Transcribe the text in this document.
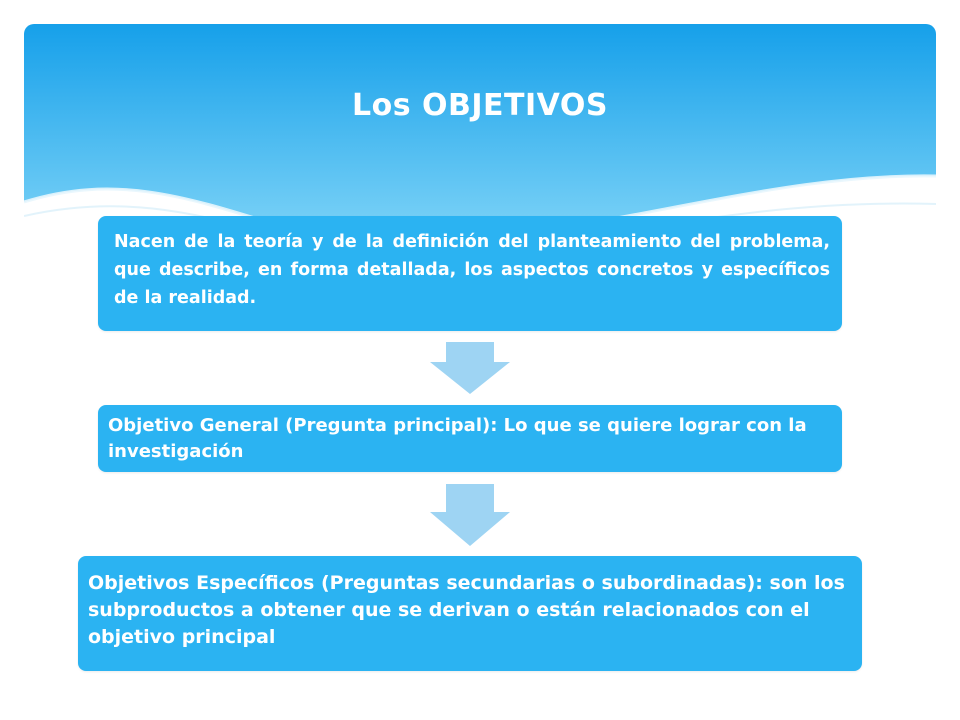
Los OBJETIVOS
Nacen de la teoría y de la definición del planteamiento del problema, que describe, en forma detallada, los aspectos concretos y específicos de la realidad.
Objetivo General (Pregunta principal): Lo que se quiere lograr con la investigación
Objetivos Específicos (Preguntas secundarias o subordinadas): son los subproductos a obtener que se derivan o están relacionados con el objetivo principal
